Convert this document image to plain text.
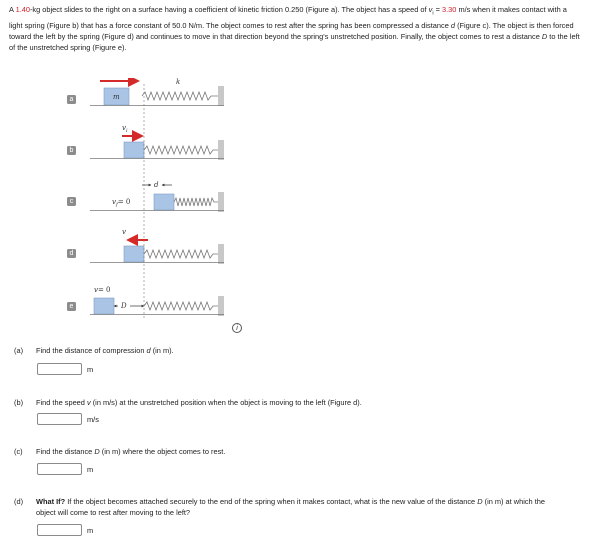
A 1.40-kg object slides to the right on a surface having a coefficient of kinetic friction 0.250 (Figure a). The object has a speed of $v_i = 3.30$ m/s when it makes contact with a light spring (Figure b) that has a force constant of 50.0 N/m. The object comes to rest after the spring has been compressed a distance d (Figure c). The object is then forced toward the left by the spring (Figure d) and continues to move in that direction beyond the spring's unstretched position. Finally, the object comes to rest a distance D to the left of the unstretched spring (Figure e).
a
b
c
d
e
m
k
$v_i$
d
$v_f= 0$
v
v= 0
D
i
(a) Find the distance of compression d (in m).
m
(b) Find the speed v (in m/s) at the unstretched position when the object is moving to the left (Figure d).
m/s
(c) Find the distance D (in m) where the object comes to rest.
m
(d) What If? If the object becomes attached securely to the end of the spring when it makes contact, what is the new value of the distance D (in m) at which the object will come to rest after moving to the left?
m
